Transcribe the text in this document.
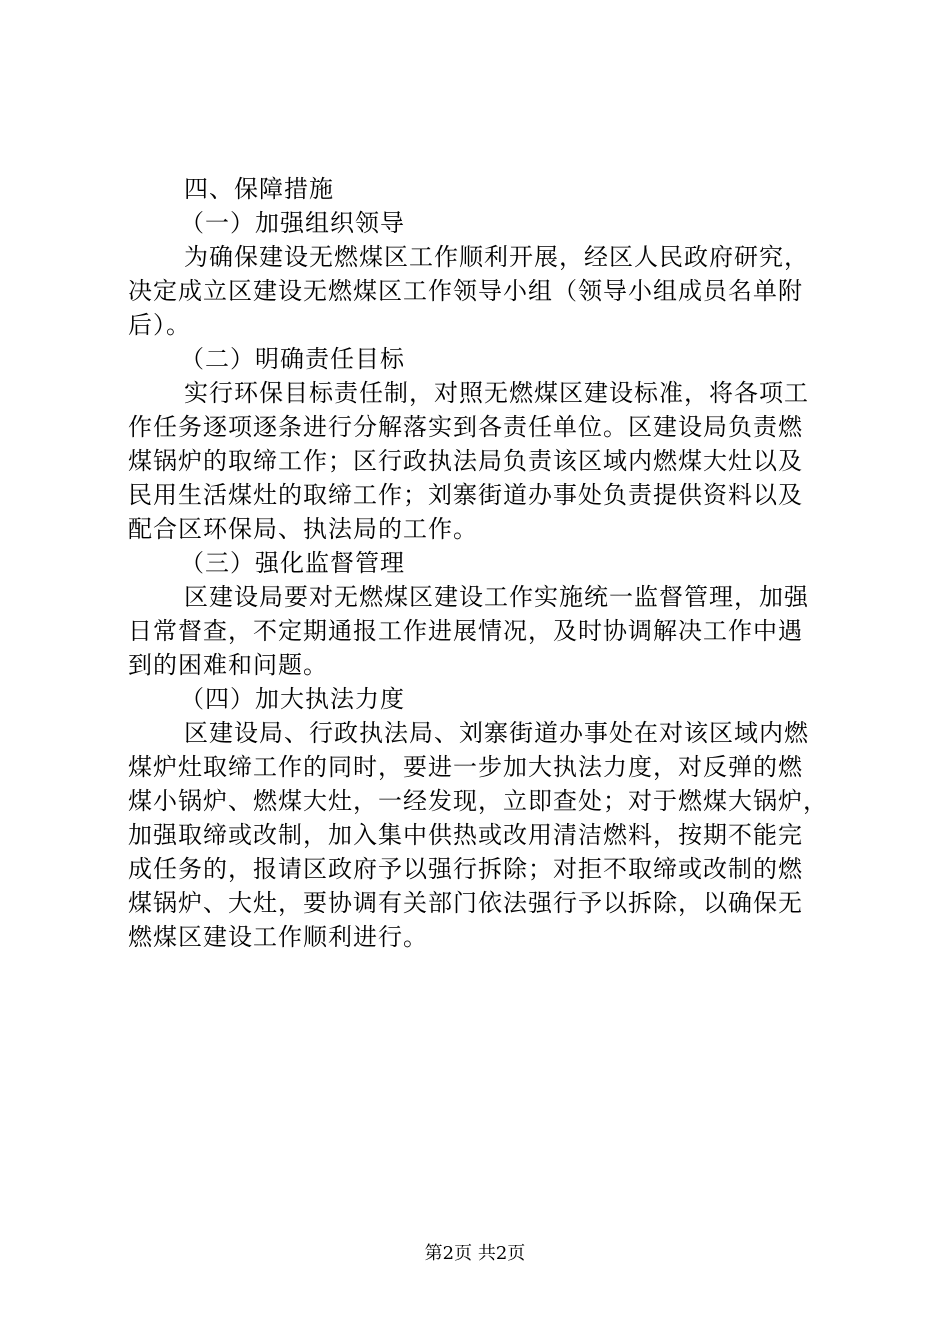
四、保障措施

（一）加强组织领导

为确保建设无燃煤区工作顺利开展，经区人民政府研究，
决定成立区建设无燃煤区工作领导小组（领导小组成员名单附
后）。

（二）明确责任目标

实行环保目标责任制，对照无燃煤区建设标准，将各项工
作任务逐项逐条进行分解落实到各责任单位。区建设局负责燃
煤锅炉的取缔工作；区行政执法局负责该区域内燃煤大灶以及
民用生活煤灶的取缔工作；刘寨街道办事处负责提供资料以及
配合区环保局、执法局的工作。

（三）强化监督管理

区建设局要对无燃煤区建设工作实施统一监督管理，加强
日常督查，不定期通报工作进展情况，及时协调解决工作中遇
到的困难和问题。

（四）加大执法力度

区建设局、行政执法局、刘寨街道办事处在对该区域内燃
煤炉灶取缔工作的同时，要进一步加大执法力度，对反弹的燃
煤小锅炉、燃煤大灶，一经发现，立即查处；对于燃煤大锅炉，
加强取缔或改制，加入集中供热或改用清洁燃料，按期不能完
成任务的，报请区政府予以强行拆除；对拒不取缔或改制的燃
煤锅炉、大灶，要协调有关部门依法强行予以拆除，以确保无
燃煤区建设工作顺利进行。

第2页 共2页
